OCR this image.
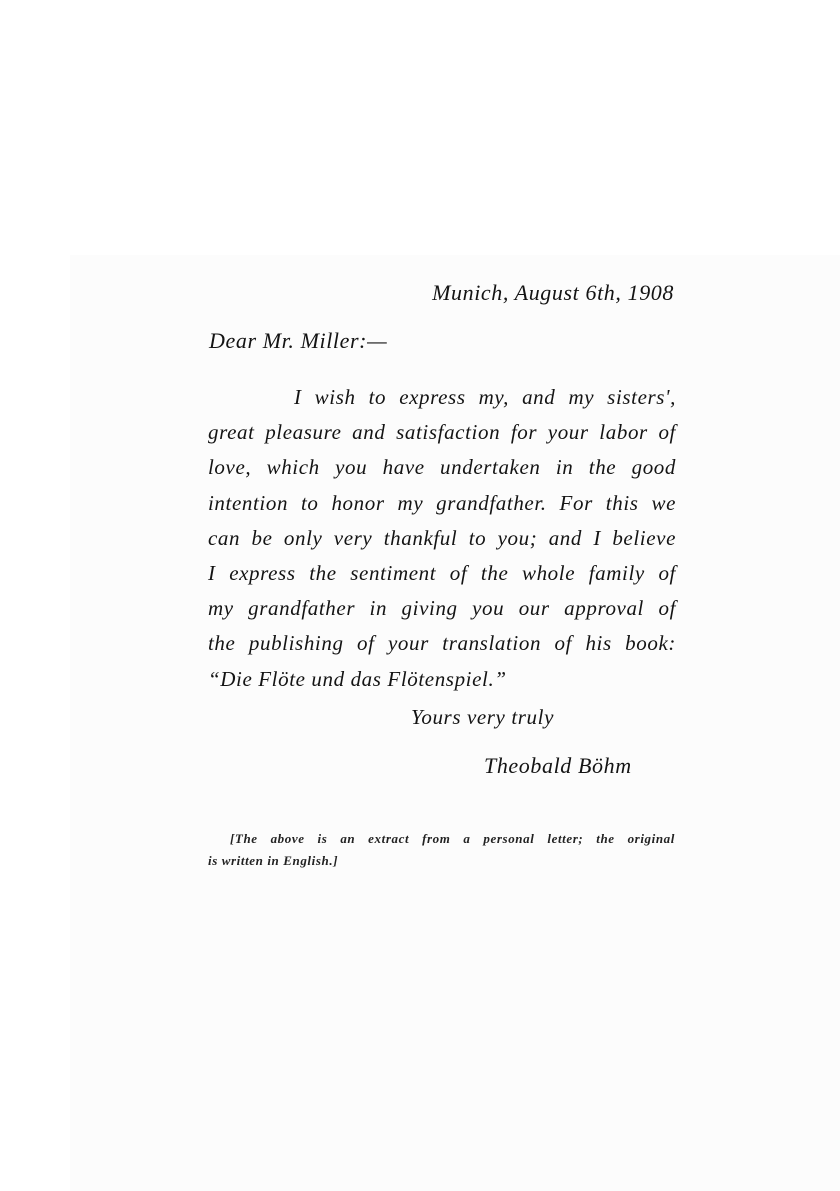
Munich, August 6th, 1908
Dear Mr. Miller:—
I wish to express my, and my sisters',
great pleasure and satisfaction for your labor of
love, which you have undertaken in the good
intention to honor my grandfather. For this we
can be only very thankful to you; and I believe
I express the sentiment of the whole family of
my grandfather in giving you our approval of
the publishing of your translation of his book:
“Die Flöte und das Flötenspiel.”
Yours very truly
Theobald Böhm
[The above is an extract from a personal letter; the original
is written in English.]
